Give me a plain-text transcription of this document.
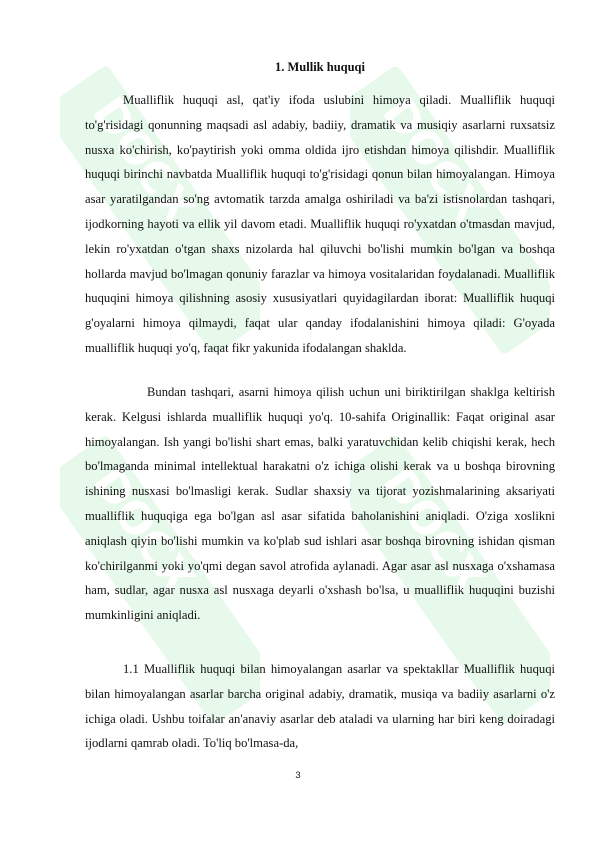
DOCX	DOCX
DOCX	DOCX
1. Mullik huquqi

Mualliflik huquqi asl, qat'iy ifoda uslubini himoya qiladi. Mualliflik huquqi to'g'risidagi qonunning maqsadi asl adabiy, badiiy, dramatik va musiqiy asarlarni ruxsatsiz nusxa ko'chirish, ko'paytirish yoki omma oldida ijro etishdan himoya qilishdir. Mualliflik huquqi birinchi navbatda Mualliflik huquqi to'g'risidagi qonun bilan himoyalangan. Himoya asar yaratilgandan so'ng avtomatik tarzda amalga oshiriladi va ba'zi istisnolardan tashqari, ijodkorning hayoti va ellik yil davom etadi. Mualliflik huquqi ro'yxatdan o'tmasdan mavjud, lekin ro'yxatdan o'tgan shaxs nizolarda hal qiluvchi bo'lishi mumkin bo'lgan va boshqa hollarda mavjud bo'lmagan qonuniy farazlar va himoya vositalaridan foydalanadi. Mualliflik huquqini himoya qilishning asosiy xususiyatlari quyidagilardan iborat: Mualliflik huquqi g'oyalarni himoya qilmaydi, faqat ular qanday ifodalanishini himoya qiladi: G'oyada mualliflik huquqi yo'q, faqat fikr yakunida ifodalangan shaklda.

Bundan tashqari, asarni himoya qilish uchun uni biriktirilgan shaklga keltirish kerak. Kelgusi ishlarda mualliflik huquqi yo'q. 10-sahifa Originallik: Faqat original asar himoyalangan. Ish yangi bo'lishi shart emas, balki yaratuvchidan kelib chiqishi kerak, hech bo'lmaganda minimal intellektual harakatni o'z ichiga olishi kerak va u boshqa birovning ishining nusxasi bo'lmasligi kerak. Sudlar shaxsiy va tijorat yozishmalarining aksariyati mualliflik huquqiga ega bo'lgan asl asar sifatida baholanishini aniqladi. O'ziga xoslikni aniqlash qiyin bo'lishi mumkin va ko'plab sud ishlari asar boshqa birovning ishidan qisman ko'chirilganmi yoki yo'qmi degan savol atrofida aylanadi. Agar asar asl nusxaga o'xshamasa ham, sudlar, agar nusxa asl nusxaga deyarli o'xshash bo'lsa, u mualliflik huquqini buzishi mumkinligini aniqladi.

1.1 Mualliflik huquqi bilan himoyalangan asarlar va spektakllar Mualliflik huquqi bilan himoyalangan asarlar barcha original adabiy, dramatik, musiqa va badiiy asarlarni o'z ichiga oladi. Ushbu toifalar an'anaviy asarlar deb ataladi va ularning har biri keng doiradagi ijodlarni qamrab oladi. To'liq bo'lmasa-da,

3
